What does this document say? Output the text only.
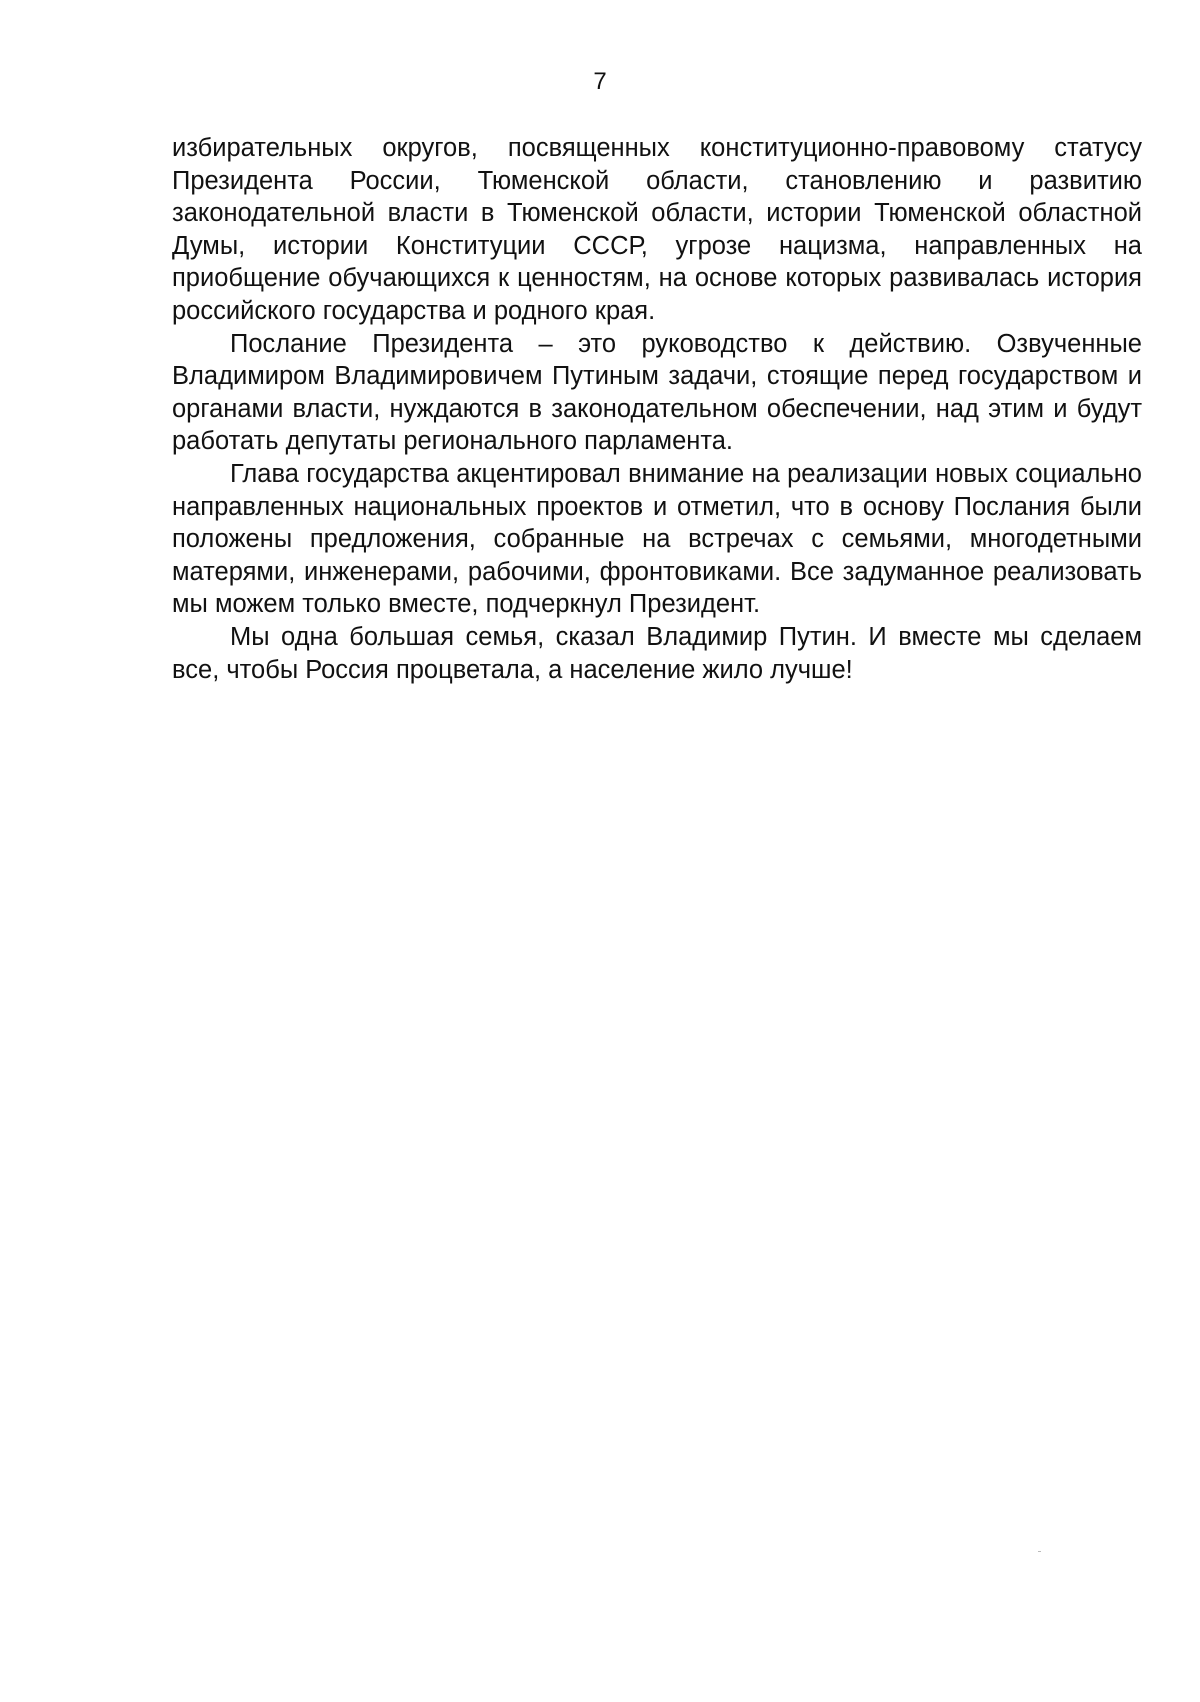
7

избирательных округов, посвященных конституционно-правовому статусу Президента России, Тюменской области, становлению и развитию законодательной власти в Тюменской области, истории Тюменской областной Думы, истории Конституции СССР, угрозе нацизма, направленных на приобщение обучающихся к ценностям, на основе которых развивалась история российского государства и родного края.

Послание Президента – это руководство к действию. Озвученные Владимиром Владимировичем Путиным задачи, стоящие перед государством и органами власти, нуждаются в законодательном обеспечении, над этим и будут работать депутаты регионального парламента.

Глава государства акцентировал внимание на реализации новых социально направленных национальных проектов и отметил, что в основу Послания были положены предложения, собранные на встречах с семьями, многодетными матерями, инженерами, рабочими, фронтовиками. Все задуманное реализовать мы можем только вместе, подчеркнул Президент.

Мы одна большая семья, сказал Владимир Путин. И вместе мы сделаем все, чтобы Россия процветала, а население жило лучше!
